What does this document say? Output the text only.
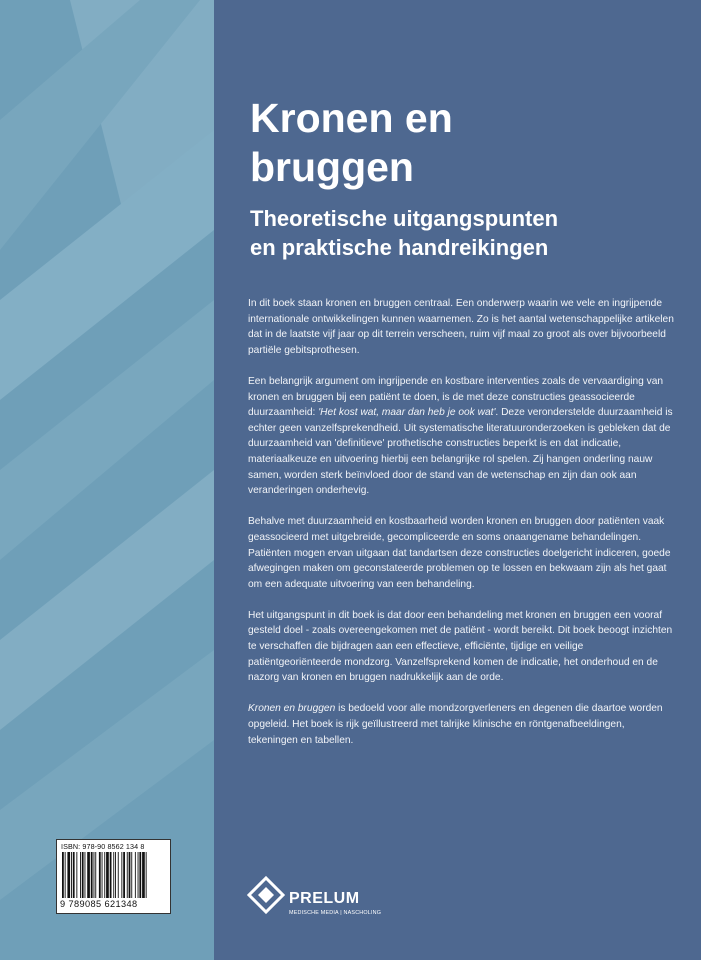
Kronen en
bruggen
Theoretische uitgangspunten
en praktische handreikingen

In dit boek staan kronen en bruggen centraal. Een onderwerp waarin we vele en ingrijpende internationale ontwikkelingen kunnen waarnemen. Zo is het aantal wetenschappelijke artikelen dat in de laatste vijf jaar op dit terrein verscheen, ruim vijf maal zo groot als over bijvoorbeeld partiële gebitsprothesen.

Een belangrijk argument om ingrijpende en kostbare interventies zoals de vervaardiging van kronen en bruggen bij een patiënt te doen, is de met deze constructies geassocieerde duurzaamheid: 'Het kost wat, maar dan heb je ook wat'. Deze veronderstelde duurzaamheid is echter geen vanzelfsprekendheid. Uit systematische literatuuronderzoeken is gebleken dat de duurzaamheid van 'definitieve' prothetische constructies beperkt is en dat indicatie, materiaalkeuze en uitvoering hierbij een belangrijke rol spelen. Zij hangen onderling nauw samen, worden sterk beïnvloed door de stand van de wetenschap en zijn dan ook aan veranderingen onderhevig.

Behalve met duurzaamheid en kostbaarheid worden kronen en bruggen door patiënten vaak geassocieerd met uitgebreide, gecompliceerde en soms onaangename behandelingen. Patiënten mogen ervan uitgaan dat tandartsen deze constructies doelgericht indiceren, goede afwegingen maken om geconstateerde problemen op te lossen en bekwaam zijn als het gaat om een adequate uitvoering van een behandeling.

Het uitgangspunt in dit boek is dat door een behandeling met kronen en bruggen een vooraf gesteld doel - zoals overeengekomen met de patiënt - wordt bereikt. Dit boek beoogt inzichten te verschaffen die bijdragen aan een effectieve, efficiënte, tijdige en veilige patiëntgeoriënteerde mondzorg. Vanzelfsprekend komen de indicatie, het onderhoud en de nazorg van kronen en bruggen nadrukkelijk aan de orde.

Kronen en bruggen is bedoeld voor alle mondzorgverleners en degenen die daartoe worden opgeleid. Het boek is rijk geïllustreerd met talrijke klinische en röntgenafbeeldingen, tekeningen en tabellen.

ISBN: 978-90 8562 134 8
9 789085 621348	PRELUM
MEDISCHE MEDIA | NASCHOLING
